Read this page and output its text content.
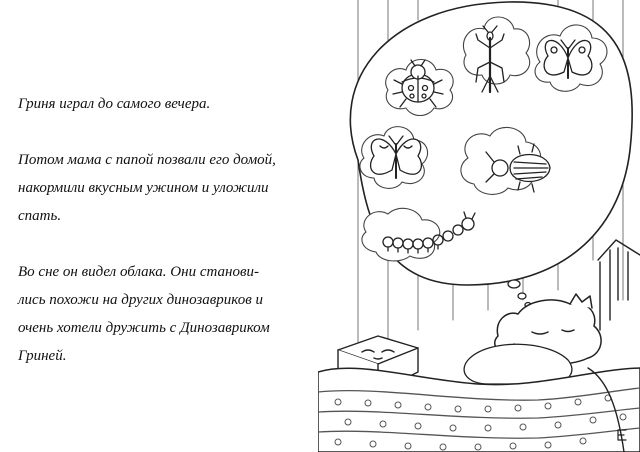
Гриня играл до самого вечера.

Потом мама с папой позвали его домой,
накормили вкусным ужином и уложили
спать.

Во сне он видел облака. Они станови-
лись похожи на других динозавриков и
очень хотели дружить с Динозавриком
Гриней.
